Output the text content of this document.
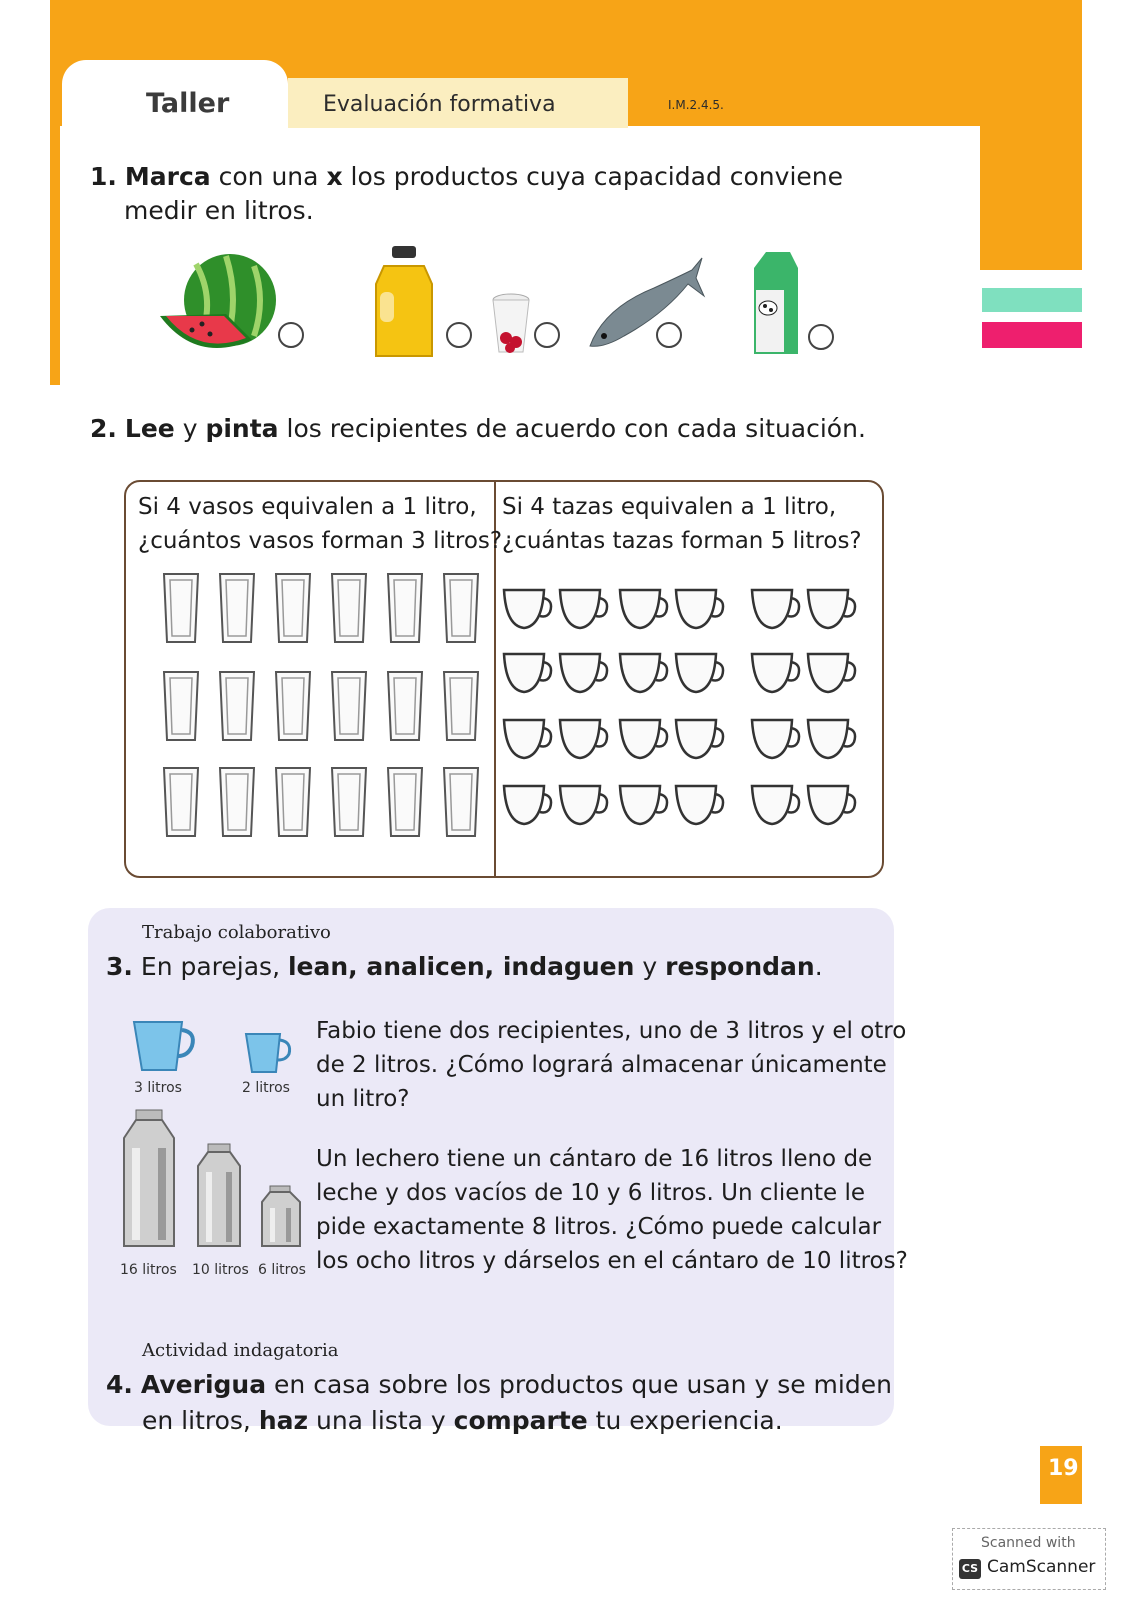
Taller	Evaluación formativa	I.M.2.4.5.
1. Marca con una x los productos cuya capacidad conviene
medir en litros.
2. Lee y pinta los recipientes de acuerdo con cada situación.
Si 4 vasos equivalen a 1 litro,
¿cuántos vasos forman 3 litros?
Si 4 tazas equivalen a 1 litro,
¿cuántas tazas forman 5 litros?
Trabajo colaborativo
3. En parejas, lean, analicen, indaguen y respondan.
3 litros	2 litros
Fabio tiene dos recipientes, uno de 3 litros y el otro
de 2 litros. ¿Cómo logrará almacenar únicamente
un litro?
16 litros 10 litros 6 litros
Un lechero tiene un cántaro de 16 litros lleno de
leche y dos vacíos de 10 y 6 litros. Un cliente le
pide exactamente 8 litros. ¿Cómo puede calcular
los ocho litros y dárselos en el cántaro de 10 litros?
Actividad indagatoria
4. Averigua en casa sobre los productos que usan y se miden
en litros, haz una lista y comparte tu experiencia.
19
Scanned with
CS CamScanner
